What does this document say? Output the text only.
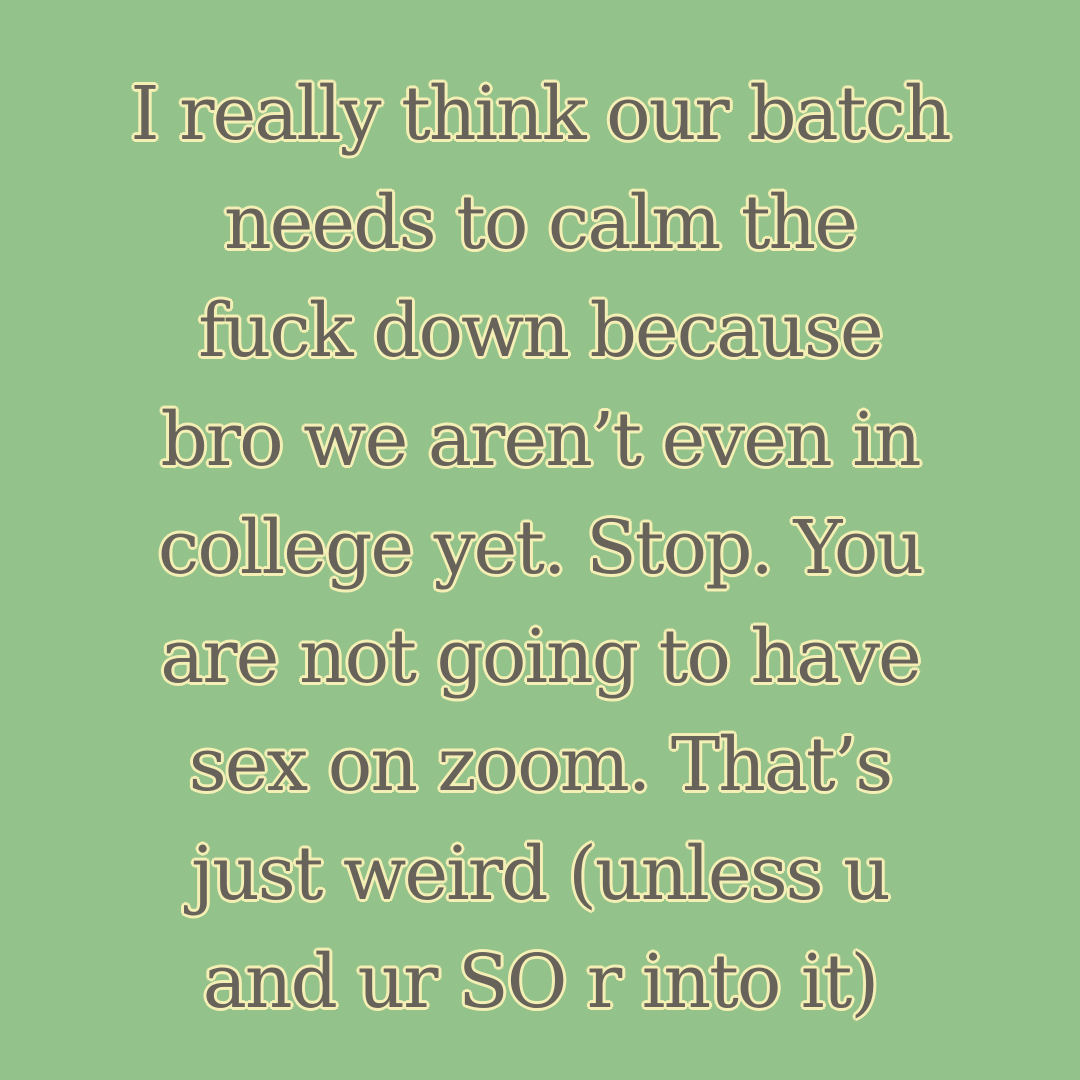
I really think our batch
needs to calm the
fuck down because
bro we aren’t even in
college yet. Stop. You
are not going to have
sex on zoom. That’s
just weird (unless u
and ur SO r into it)
